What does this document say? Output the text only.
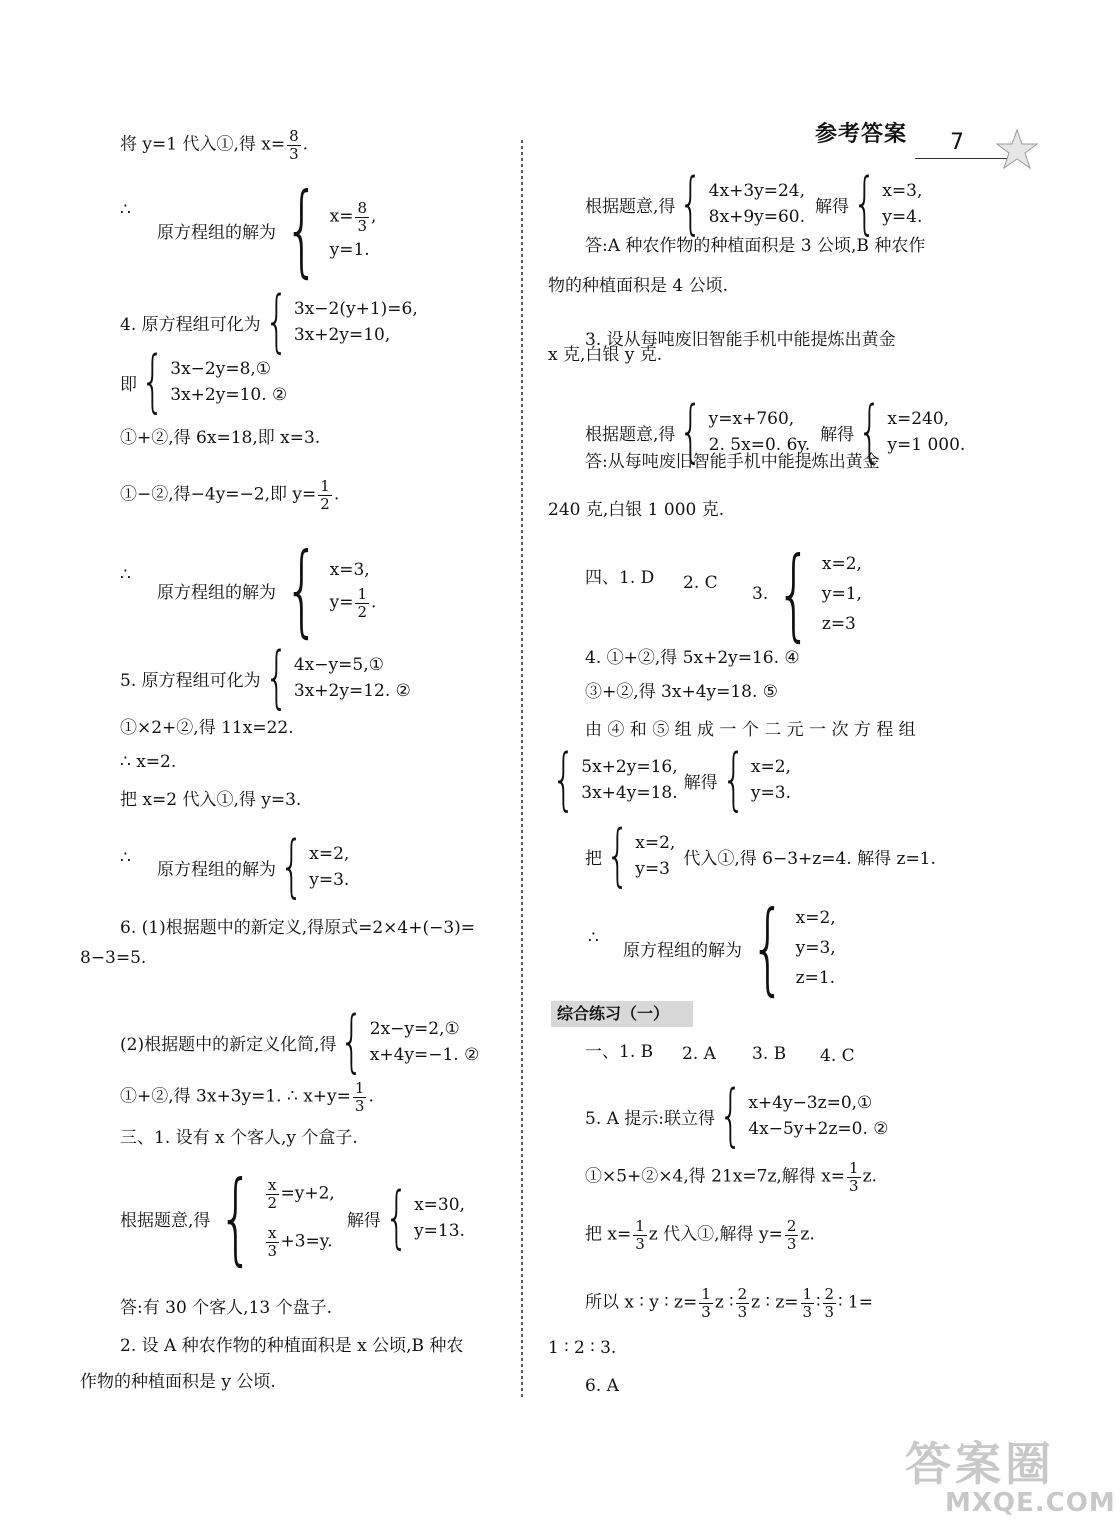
参考答案 7
将 y=1 代入①,得 $x= \frac{8}{3}$ .
∴
原方程组的解为 { $x= \frac{8}{3}$ ,
y=1.
4. 原方程组可化为 { 3x−2(y+1)=6,
3x+2y=10,
即 { 3x−2y=8,①
3x+2y=10. ②
①+②,得 6x=18,即 x=3.
①−②,得−4y=−2,即 $y= \frac{1}{2}$ .
∴
原方程组的解为 { x=3,
$y= \frac{1}{2}$ .
5. 原方程组可化为 { 4x−y=5,①
3x+2y=12. ②
①×2+②,得 11x=22.
∴ x=2.
把 x=2 代入①,得 y=3.
∴
原方程组的解为 { x=2,
y=3.
6. (1)根据题中的新定义,得原式=2×4+(−3)=
8−3=5.
(2)根据题中的新定义化简,得 { 2x−y=2,①
x+4y=−1. ②
①+②,得 3x+3y=1. ∴ $x+y= \frac{1}{3}$ .
三、1. 设有 x 个客人,y 个盒子.
根据题意,得 { $\frac{x}{2} =y+2$,
$\frac{x}{3} +3=y$.
解得 { x=30,
y=13.
答:有 30 个客人,13 个盘子.
2. 设 A 种农作物的种植面积是 x 公顷,B 种农
作物的种植面积是 y 公顷.
根据题意,得 { 4x+3y=24,
8x+9y=60.
解得 { x=3,
y=4.
答:A 种农作物的种植面积是 3 公顷,B 种农作
物的种植面积是 4 公顷.
3. 设从每吨废旧智能手机中能提炼出黄金
x 克,白银 y 克.
根据题意,得 { y=x+760,
2. 5x=0. 6y.
解得 { x=240,
y=1 000.
答:从每吨废旧智能手机中能提炼出黄金
240 克,白银 1 000 克.
四、1. D 2. C
3. { x=2,
y=1,
z=3
4. ①+②,得 5x+2y=16. ④
③+②,得 3x+4y=18. ⑤
由 ④ 和 ⑤ 组 成 一 个 二 元 一 次 方 程 组
{ 5x+2y=16,
3x+4y=18.
解得 { x=2,
y=3.
把 { x=2,
y=3
代入①,得 6−3+z=4. 解得 z=1.
∴
原方程组的解为 { x=2,
y=3,
z=1.
综合练习（一）
一、1. B 2. A 3. B 4. C
5. A 提示:联立得 { x+4y−3z=0,①
4x−5y+2z=0. ②
①×5+②×4,得 21x=7z,解得 $x= \frac{1}{3} z$.
把 $x= \frac{1}{3}$ z 代入①,解得 $y= \frac{2}{3} z$.
所以 x ∶ y ∶ $z= \frac{1}{3}$ z ∶ $\frac{2}{3}$ z ∶ $z= \frac{1}{3}$ ∶ $\frac{2}{3}$ ∶ 1=
1 ∶ 2 ∶ 3.
6. A
答案圈
MXQE.COM
